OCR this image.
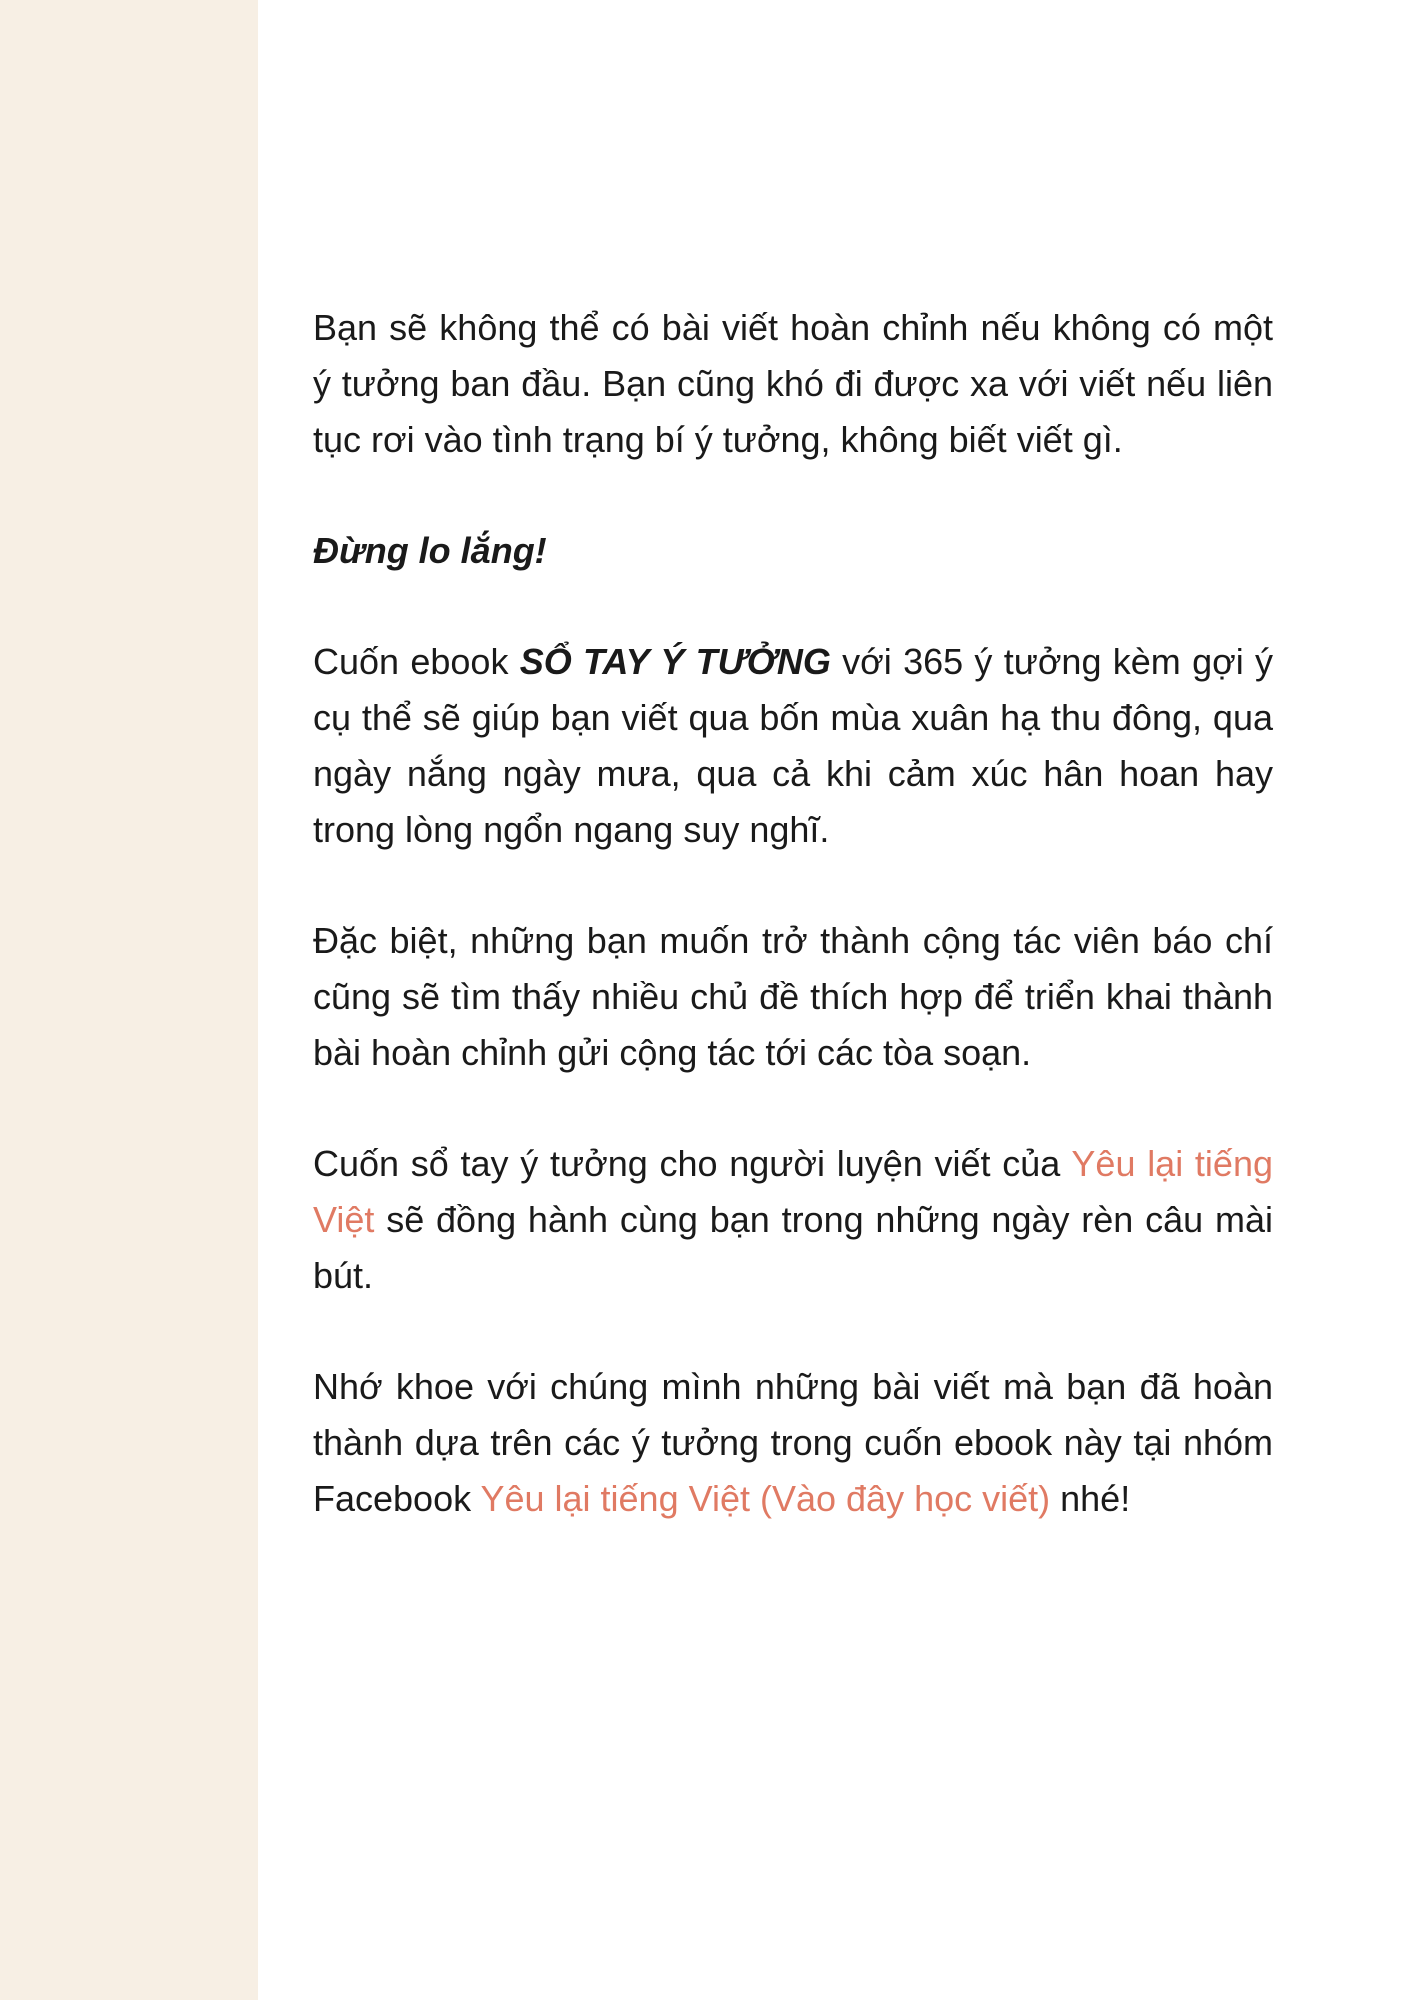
Bạn sẽ không thể có bài viết hoàn chỉnh nếu không có một ý tưởng ban đầu. Bạn cũng khó đi được xa với viết nếu liên tục rơi vào tình trạng bí ý tưởng, không biết viết gì.

Đừng lo lắng!

Cuốn ebook SỔ TAY Ý TƯỞNG với 365 ý tưởng kèm gợi ý cụ thể sẽ giúp bạn viết qua bốn mùa xuân hạ thu đông, qua ngày nắng ngày mưa, qua cả khi cảm xúc hân hoan hay trong lòng ngổn ngang suy nghĩ.

Đặc biệt, những bạn muốn trở thành cộng tác viên báo chí cũng sẽ tìm thấy nhiều chủ đề thích hợp để triển khai thành bài hoàn chỉnh gửi cộng tác tới các tòa soạn.

Cuốn sổ tay ý tưởng cho người luyện viết của Yêu lại tiếng Việt sẽ đồng hành cùng bạn trong những ngày rèn câu mài bút.

Nhớ khoe với chúng mình những bài viết mà bạn đã hoàn thành dựa trên các ý tưởng trong cuốn ebook này tại nhóm Facebook Yêu lại tiếng Việt (Vào đây học viết) nhé!
